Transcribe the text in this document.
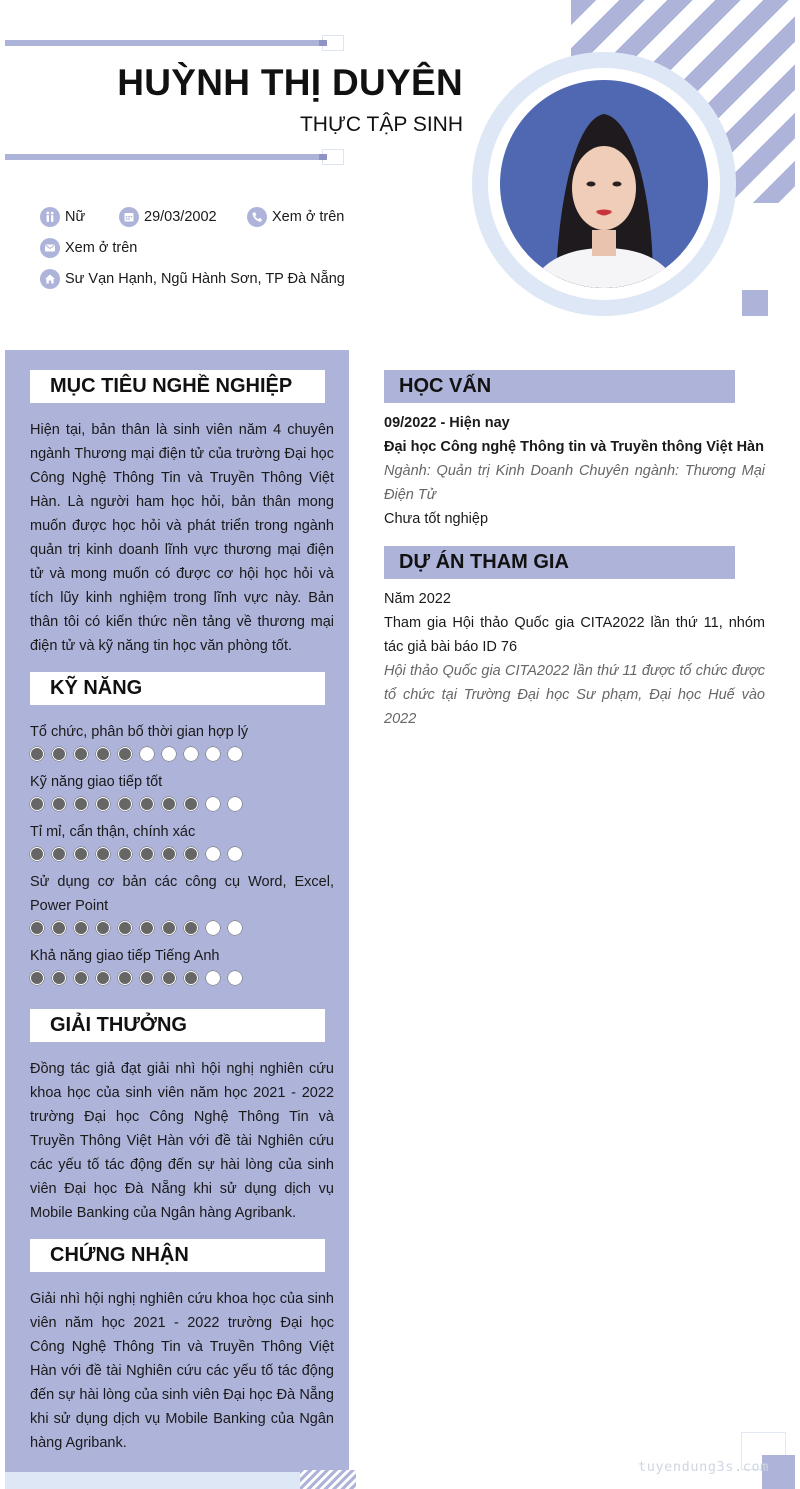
HUỲNH THỊ DUYÊN
THỰC TẬP SINH
Nữ	29/03/2002	Xem ở trên
Xem ở trên
Sư Vạn Hạnh, Ngũ Hành Sơn, TP Đà Nẵng
MỤC TIÊU NGHỀ NGHIỆP
Hiện tại, bản thân là sinh viên năm 4 chuyên ngành Thương mại điện tử của trường Đại học Công Nghệ Thông Tin và Truyền Thông Việt Hàn. Là người ham học hỏi, bản thân mong muốn được học hỏi và phát triển trong ngành quản trị kinh doanh lĩnh vực thương mại điện tử và mong muốn có được cơ hội học hỏi và tích lũy kinh nghiệm trong lĩnh vực này. Bản thân tôi có kiến thức nền tảng về thương mại điện tử và kỹ năng tin học văn phòng tốt.
KỸ NĂNG
Tổ chức, phân bố thời gian hợp lý
Kỹ năng giao tiếp tốt
Tỉ mỉ, cẩn thận, chính xác
Sử dụng cơ bản các công cụ Word, Excel, Power Point
Khả năng giao tiếp Tiếng Anh
GIẢI THƯỞNG
Đồng tác giả đạt giải nhì hội nghị nghiên cứu khoa học của sinh viên năm học 2021 - 2022 trường Đại học Công Nghệ Thông Tin và Truyền Thông Việt Hàn với đề tài Nghiên cứu các yếu tố tác động đến sự hài lòng của sinh viên Đại học Đà Nẵng khi sử dụng dịch vụ Mobile Banking của Ngân hàng Agribank.
CHỨNG NHẬN
Giải nhì hội nghị nghiên cứu khoa học của sinh viên năm học 2021 - 2022 trường Đại học Công Nghệ Thông Tin và Truyền Thông Việt Hàn với đề tài Nghiên cứu các yếu tố tác động đến sự hài lòng của sinh viên Đại học Đà Nẵng khi sử dụng dịch vụ Mobile Banking của Ngân hàng Agribank.
HỌC VẤN
09/2022 - Hiện nay
Đại học Công nghệ Thông tin và Truyền thông Việt Hàn
Ngành: Quản trị Kinh Doanh Chuyên ngành: Thương Mại Điện Tử
Chưa tốt nghiệp
DỰ ÁN THAM GIA
Năm 2022
Tham gia Hội thảo Quốc gia CITA2022 lần thứ 11, nhóm tác giả bài báo ID 76
Hội thảo Quốc gia CITA2022 lần thứ 11 được tổ chức được tổ chức tại Trường Đại học Sư phạm, Đại học Huế vào 2022
tuyendung3s.com
